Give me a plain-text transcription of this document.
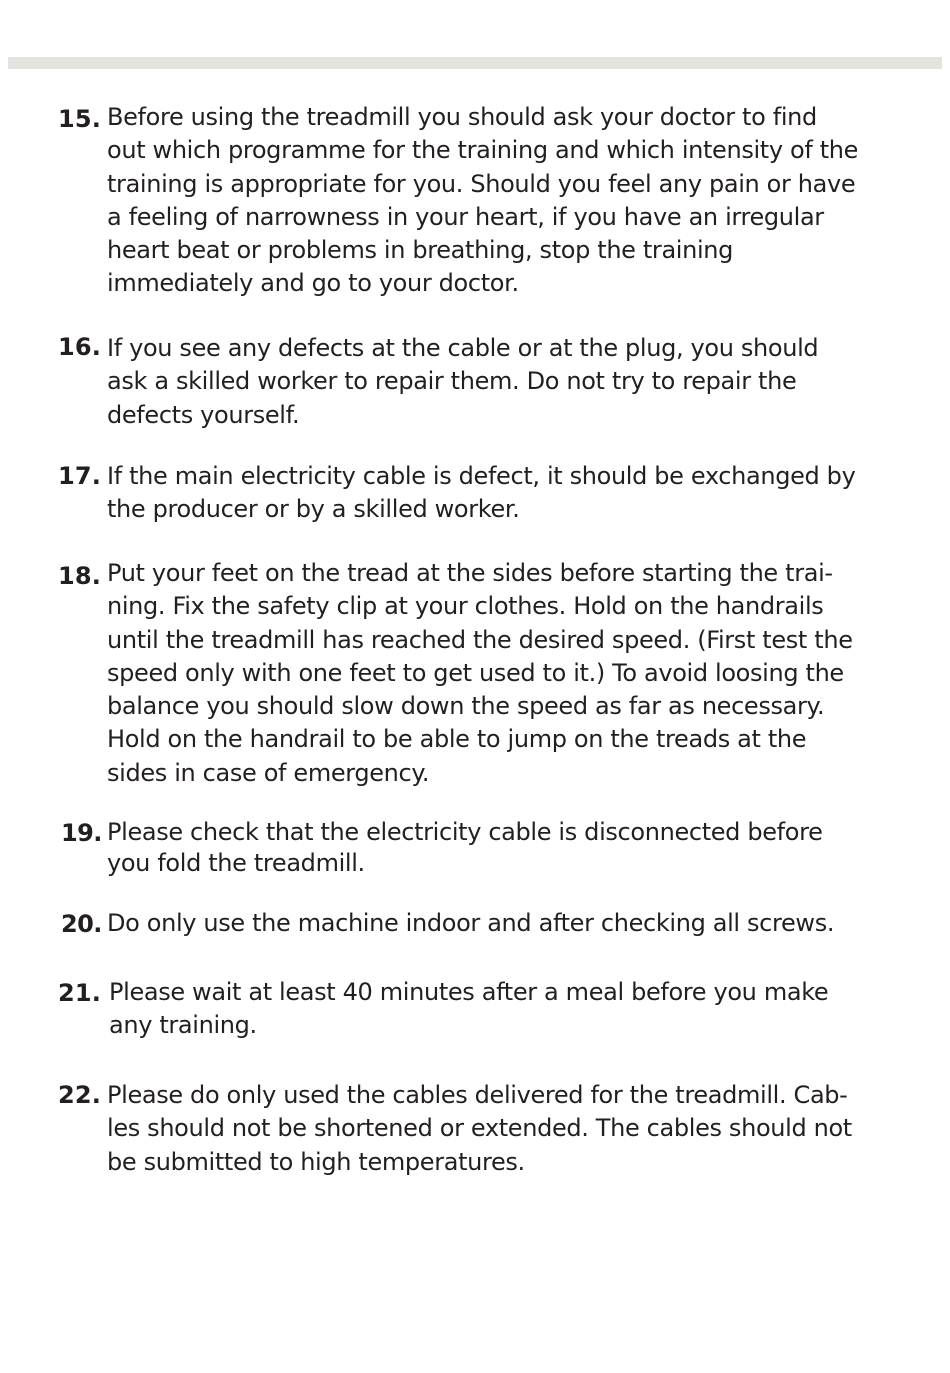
15. Before using the treadmill you should ask your doctor to find
out which programme for the training and which intensity of the
training is appropriate for you. Should you feel any pain or have
a feeling of narrowness in your heart, if you have an irregular
heart beat or problems in breathing, stop the training
immediately and go to your doctor.
16. If you see any defects at the cable or at the plug, you should
ask a skilled worker to repair them. Do not try to repair the
defects yourself.
17. If the main electricity cable is defect, it should be exchanged by
the producer or by a skilled worker.
18. Put your feet on the tread at the sides before starting the trai-
ning. Fix the safety clip at your clothes. Hold on the handrails
until the treadmill has reached the desired speed. (First test the
speed only with one feet to get used to it.) To avoid loosing the
balance you should slow down the speed as far as necessary.
Hold on the handrail to be able to jump on the treads at the
sides in case of emergency.
19. Please check that the electricity cable is disconnected before
you fold the treadmill.
20. Do only use the machine indoor and after checking all screws.
21. Please wait at least 40 minutes after a meal before you make
any training.
22. Please do only used the cables delivered for the treadmill. Cab-
les should not be shortened or extended. The cables should not
be submitted to high temperatures.
